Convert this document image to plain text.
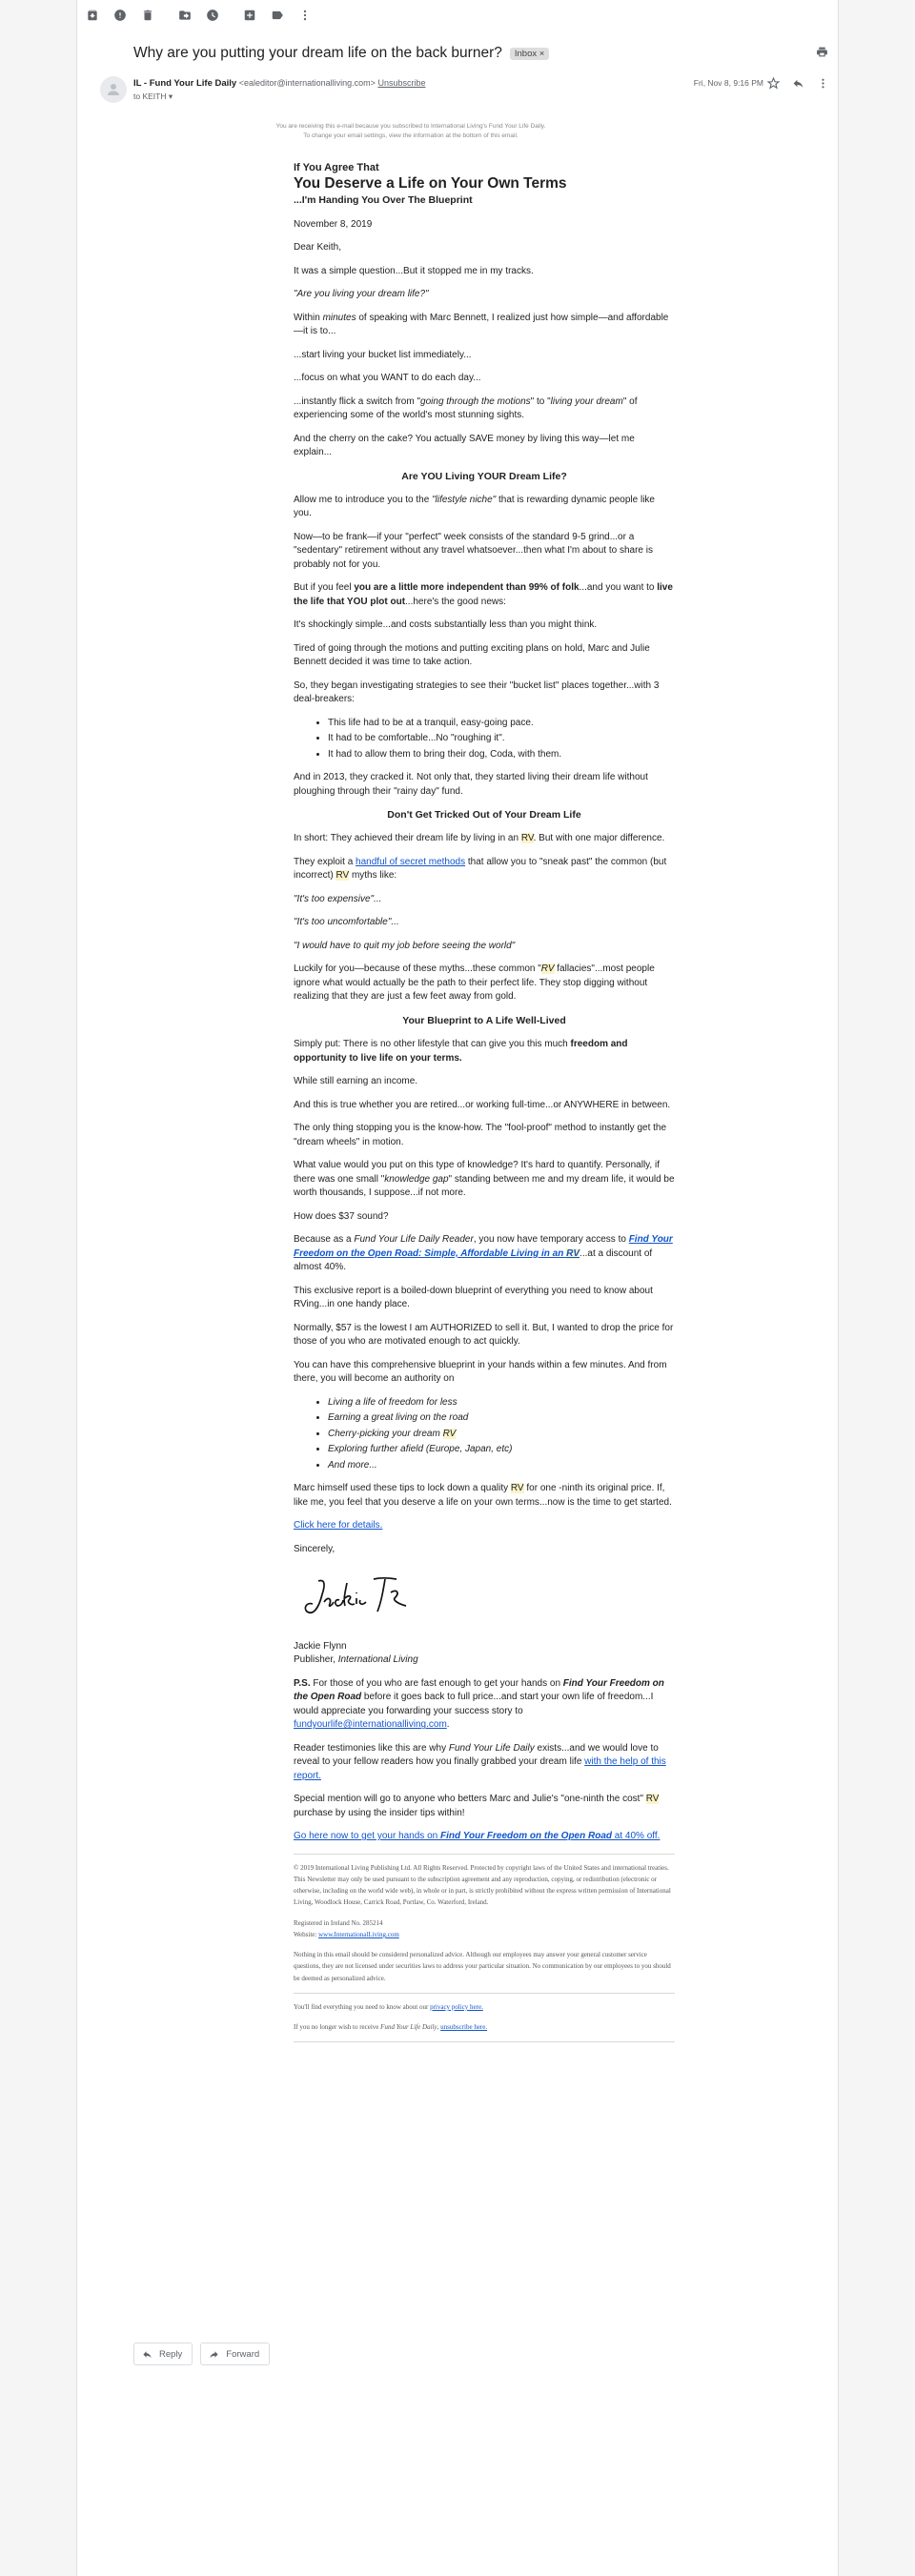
Why are you putting your dream life on the back burner?	Inbox ×
IL - Fund Your Life Daily <ealeditor@internationalliving.com> Unsubscribe
to KEITH ▾
Fri, Nov 8, 9:16 PM
You are receiving this e-mail because you subscribed to International Living's Fund Your Life Daily.
To change your email settings, view the information at the bottom of this email.
If You Agree That
You Deserve a Life on Your Own Terms
...I'm Handing You Over The Blueprint

November 8, 2019

Dear Keith,

It was a simple question...But it stopped me in my tracks.

"Are you living your dream life?"

Within minutes of speaking with Marc Bennett, I realized just how simple—and affordable—it is to...

...start living your bucket list immediately...

...focus on what you WANT to do each day...

...instantly flick a switch from "going through the motions" to "living your dream" of experiencing some of the world's most stunning sights.

And the cherry on the cake? You actually SAVE money by living this way—let me explain...

Are YOU Living YOUR Dream Life?

Allow me to introduce you to the "lifestyle niche" that is rewarding dynamic people like you.

Now—to be frank—if your "perfect" week consists of the standard 9-5 grind...or a "sedentary" retirement without any travel whatsoever...then what I'm about to share is probably not for you.

But if you feel you are a little more independent than 99% of folk...and you want to live the life that YOU plot out...here's the good news:

It's shockingly simple...and costs substantially less than you might think.

Tired of going through the motions and putting exciting plans on hold, Marc and Julie Bennett decided it was time to take action.

So, they began investigating strategies to see their "bucket list" places together...with 3 deal-breakers:

• This life had to be at a tranquil, easy-going pace.
• It had to be comfortable...No "roughing it".
• It had to allow them to bring their dog, Coda, with them.

And in 2013, they cracked it. Not only that, they started living their dream life without ploughing through their "rainy day" fund.

Don't Get Tricked Out of Your Dream Life

In short: They achieved their dream life by living in an RV. But with one major difference.

They exploit a handful of secret methods that allow you to "sneak past" the common (but incorrect) RV myths like:

"It's too expensive"...

"It's too uncomfortable"...

"I would have to quit my job before seeing the world"

Luckily for you—because of these myths...these common "RV fallacies"...most people ignore what would actually be the path to their perfect life. They stop digging without realizing that they are just a few feet away from gold.

Your Blueprint to A Life Well-Lived

Simply put: There is no other lifestyle that can give you this much freedom and opportunity to live life on your terms.

While still earning an income.

And this is true whether you are retired...or working full-time...or ANYWHERE in between.

The only thing stopping you is the know-how. The "fool-proof" method to instantly get the "dream wheels" in motion.

What value would you put on this type of knowledge? It's hard to quantify. Personally, if there was one small "knowledge gap" standing between me and my dream life, it would be worth thousands, I suppose...if not more.

How does $37 sound?

Because as a Fund Your Life Daily Reader, you now have temporary access to Find Your Freedom on the Open Road: Simple, Affordable Living in an RV...at a discount of almost 40%.

This exclusive report is a boiled-down blueprint of everything you need to know about RVing...in one handy place.

Normally, $57 is the lowest I am AUTHORIZED to sell it. But, I wanted to drop the price for those of you who are motivated enough to act quickly.

You can have this comprehensive blueprint in your hands within a few minutes. And from there, you will become an authority on

• Living a life of freedom for less
• Earning a great living on the road
• Cherry-picking your dream RV
• Exploring further afield (Europe, Japan, etc)
• And more...

Marc himself used these tips to lock down a quality RV for one -ninth its original price. If, like me, you feel that you deserve a life on your own terms...now is the time to get started.

Click here for details.

Sincerely,

Jackie Flynn
Publisher, International Living

P.S. For those of you who are fast enough to get your hands on Find Your Freedom on the Open Road before it goes back to full price...and start your own life of freedom...I would appreciate you forwarding your success story to fundyourlife@internationalliving.com.

Reader testimonies like this are why Fund Your Life Daily exists...and we would love to reveal to your fellow readers how you finally grabbed your dream life with the help of this report.

Special mention will go to anyone who betters Marc and Julie's "one-ninth the cost" RV purchase by using the insider tips within!

Go here now to get your hands on Find Your Freedom on the Open Road at 40% off.

© 2019 International Living Publishing Ltd. All Rights Reserved. Protected by copyright laws of the United States and international treaties. This Newsletter may only be used pursuant to the subscription agreement and any reproduction, copying, or redistribution (electronic or otherwise, including on the world wide web), in whole or in part, is strictly prohibited without the express written permission of International Living, Woodlock House, Carrick Road, Portlaw, Co. Waterford, Ireland.

Registered in Ireland No. 285214
Website: www.InternationalLiving.com

Nothing in this email should be considered personalized advice. Although our employees may answer your general customer service questions, they are not licensed under securities laws to address your particular situation. No communication by our employees to you should be deemed as personalized advice.

You'll find everything you need to know about our privacy policy here.

If you no longer wish to receive Fund Your Life Daily, unsubscribe here.

Reply	Forward
